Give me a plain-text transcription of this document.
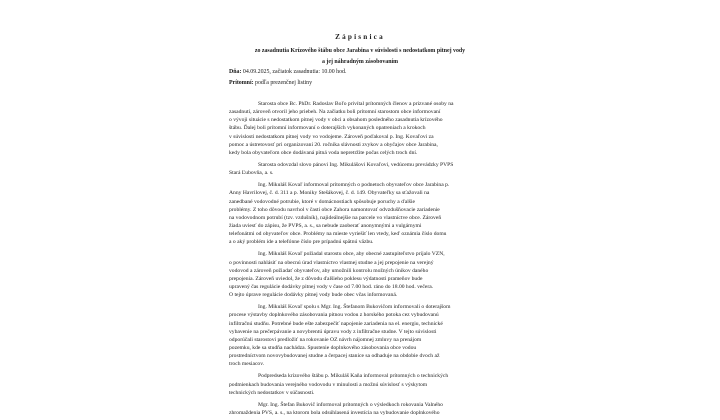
Zápisnica
zo zasadnutia Krízového štábu obce Jarabina v súvislosti s nedostatkom pitnej vody
a jej náhradným zásobovaním
Dňa: 04.09.2025, začiatok zasadnutia: 10.00 hod.
Prítomní: podľa prezenčnej listiny
Starosta obce Bc. PhDr. Radoslav Boľo privítal prítomných členov a prizvané osoby na
zasadnutí, zároveň otvoril jeho priebeh. Na začiatku boli prítomní starostom obce informovaní
o vývoji situácie s nedostatkom pitnej vody v obci a obsahom posledného zasadnutia krízového
štábu. Ďalej boli prítomní informovaní o doterajších vykonaných opatreniach a krokoch
v súvislosti nedostatkom pitnej vody vo vodojeme. Zároveň poďakoval p. Ing. Kovaľovi za
pomoc a ústretovosť pri organizovaní 20. ročníka slávnosti zvykov a obyčajov obce Jarabina,
kedy bola obyvateľom obce dodávaná pitná voda nepretržite počas celých troch dní.
Starosta odovzdal slovo pánovi Ing. Mikulášovi Kovaľovi, vedúcemu prevádzky PVPS
Stará Ľubovňa, a. s.
Ing. Mikuláš Kovaľ informoval prítomných o podnetoch obyvateľov obce Jarabina p.
Anny Havrilovej, č. d. 311 a p. Moniky Stešákovej, č. d. 149. Obyvateľky sa sťažovali na
zanedbané vodovodné potrubie, ktoré v domácnostiach spôsobuje poruchy a ďalšie
problémy. Z toho dôvodu navrhol v časti obce Zahora namontovať odvzdušňovacie zariadenie
na vodovodnom potrubí (tzv. vzdušník), najideálnejšie na parcele vo vlastníctve obce. Zároveň
žiada uviesť do zápisu, že PVPS, a. s., sa nebude zaoberať anonymnými a vulgárnymi
telefonátmi od obyvateľov obce. Problémy na mieste vyriešiť len vtedy, keď oznámia číslo domu
a o aký problém ide a telefónne číslo pre prípadnú spätnú väzbu.
Ing. Mikuláš Kovaľ požiadal starostu obce, aby obecné zastupiteľstvo prijalo VZN,
o povinnosti nahlásiť na obecnú úrad vlastníctvo vlastnej studne a jej prepojenie na verejný
vodovod a zároveň požiadať obyvateľov, aby umožnili kontrolu možných únikov daného
prepojenia. Zároveň uviedol, že z dôvodu ďalšieho poklesu výdatnosti prameňov bude
upravený čas regulácie dodávky pitnej vody v čase od 7.00 hod. ráno do 18.00 hod. večera.
O tejto úprave regulácie dodávky pitnej vody bude obec včas informovaná.
Ing. Mikuláš Kovaľ spolu s Mgr. Ing. Štefanom Bukovičom informovali o doterajšom
procese výstavby doplnkového zásobovania pitnou vodou z horského potoka cez vybudovanú
infiltračnú studňu. Potrebné bude ešte zabezpečiť napojenie zariadenia na el. energiu, technické
vybavenie na prečerpávanie a novybrentú úpravu vody z infiltračne studne. V tejto súvislosti
odporúčali starostovi predložiť na rokovanie OZ návrh nájomnej zmluvy na prenájom
pozemku, kde sa studňa nachádza. Spustenie doplnkového zásobovania obce vodou
prostredníctvom novovybudovanej studne a čerpacej stanice sa odhaduje na obdobie dvoch až
troch mesiacov.
Podpredseda krízového štábu p. Mikuláš Kaňa informoval prítomných o technických
podmienkach budovania verejného vodovodu v minulosti a možnú súvislosť s výskytom
technických nedostatkov v súčasnosti.
Mgr. Ing. Štefan Bukovič informoval prítomných o výsledkoch rokovania Valného
zhromaždenia PVS, a. s., na ktorom bola odsúhlasená investícia na vybudovanie doplnkového
